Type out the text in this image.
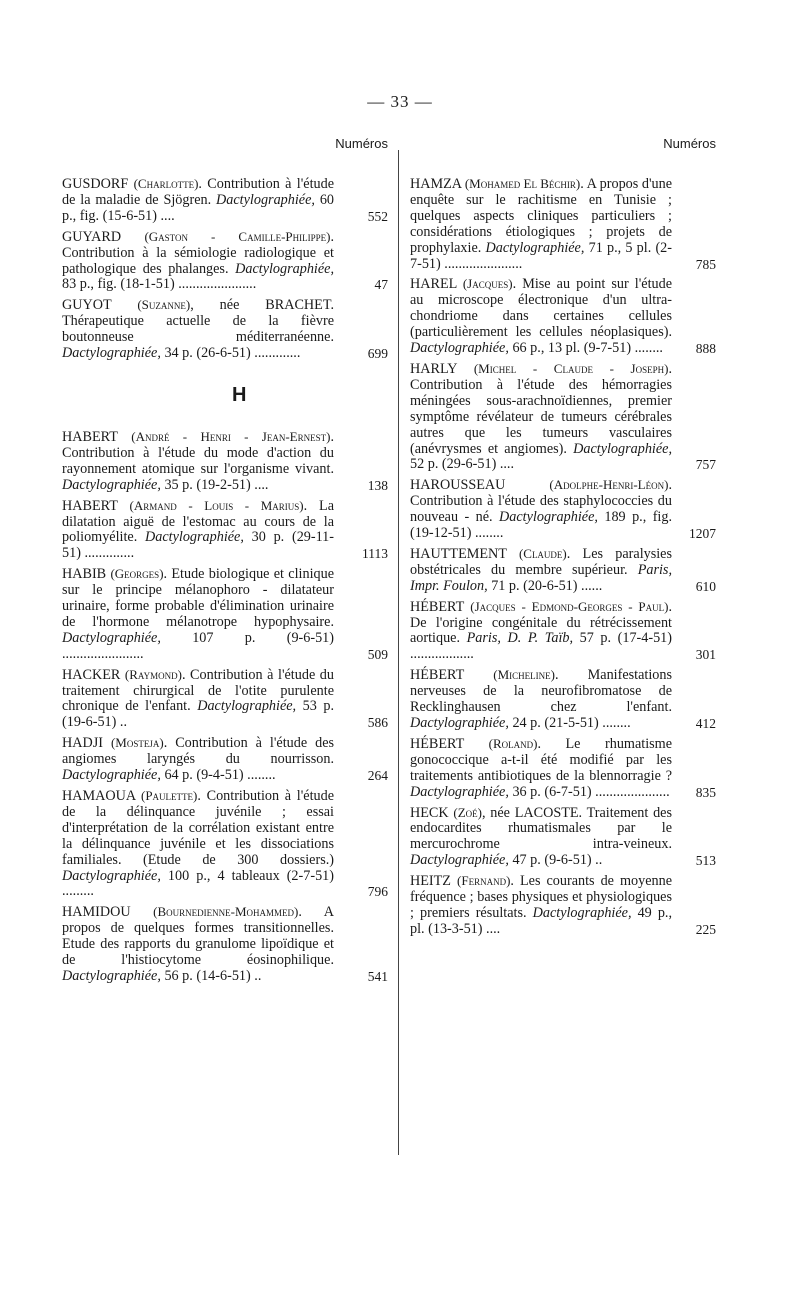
— 33 —
Numéros
GUSDORF (Charlotte). Contribution à l'étude de la maladie de Sjögren. Dactylographiée, 60 p., fig. (15-6-51) ....	552
GUYARD (Gaston - Camille-Philippe). Contribution à la sémiologie radiologique et pathologique des phalanges. Dactylographiée, 83 p., fig. (18-1-51) ......................	47
GUYOT (Suzanne), née BRACHET. Thérapeutique actuelle de la fièvre boutonneuse méditerranéenne. Dactylographiée, 34 p. (26-6-51) .............	699
H
HABERT (André - Henri - Jean-Ernest). Contribution à l'étude du mode d'action du rayonnement atomique sur l'organisme vivant. Dactylographiée, 35 p. (19-2-51) ....	138
HABERT (Armand - Louis - Marius). La dilatation aiguë de l'estomac au cours de la poliomyélite. Dactylographiée, 30 p. (29-11-51) ..............	1113
HABIB (Georges). Etude biologique et clinique sur le principe mélanophoro - dilatateur urinaire, forme probable d'élimination urinaire de l'hormone mélanotrope hypophysaire. Dactylographiée, 107 p. (9-6-51) .......................	509
HACKER (Raymond). Contribution à l'étude du traitement chirurgical de l'otite purulente chronique de l'enfant. Dactylographiée, 53 p. (19-6-51) ..	586
HADJI (Mosteja). Contribution à l'étude des angiomes laryngés du nourrisson. Dactylographiée, 64 p. (9-4-51) ........	264
HAMAOUA (Paulette). Contribution à l'étude de la délinquance juvénile ; essai d'interprétation de la corrélation existant entre la délinquance juvénile et les dissociations familiales. (Etude de 300 dossiers.) Dactylographiée, 100 p., 4 tableaux (2-7-51) .........	796
HAMIDOU (Bournedienne-Mohammed). A propos de quelques formes transitionnelles. Etude des rapports du granulome lipoïdique et de l'histiocytome éosinophilique. Dactylographiée, 56 p. (14-6-51) ..	541
Numéros
HAMZA (Mohamed El Béchir). A propos d'une enquête sur le rachitisme en Tunisie ; quelques aspects cliniques particuliers ; considérations étiologiques ; projets de prophylaxie. Dactylographiée, 71 p., 5 pl. (2-7-51) ......................	785
HAREL (Jacques). Mise au point sur l'étude au microscope électronique d'un ultra-chondriome dans certaines cellules (particulièrement les cellules néoplasiques). Dactylographiée, 66 p., 13 pl. (9-7-51) ........	888
HARLY (Michel - Claude - Joseph). Contribution à l'étude des hémorragies méningées sous-arachnoïdiennes, premier symptôme révélateur de tumeurs cérébrales autres que les tumeurs vasculaires (anévrysmes et angiomes). Dactylographiée, 52 p. (29-6-51) ....	757
HAROUSSEAU	(Adolphe-Henri-Léon). Contribution à l'étude des staphylococcies du nouveau - né. Dactylographiée, 189 p., fig. (19-12-51) ........	1207
HAUTTEMENT (Claude). Les paralysies obstétricales du membre supérieur. Paris, Impr. Foulon, 71 p. (20-6-51) ......	610
HÉBERT (Jacques - Edmond-Georges - Paul). De l'origine congénitale du rétrécissement aortique. Paris, D. P. Taïb, 57 p. (17-4-51) ..................	301
HÉBERT (Micheline). Manifestations nerveuses de la neurofibromatose de Recklinghausen chez l'enfant. Dactylographiée, 24 p. (21-5-51) ........	412
HÉBERT (Roland). Le rhumatisme gonococcique a-t-il été modifié par les traitements antibiotiques de la blennorragie ? Dactylographiée, 36 p. (6-7-51) ..................... 835
HECK (Zoé), née LACOSTE. Traitement des endocardites rhumatismales par le mercurochrome intra-veineux. Dactylographiée, 47 p. (9-6-51) ..	513
HEITZ (Fernand). Les courants de moyenne fréquence ; bases physiques et physiologiques ; premiers résultats. Dactylographiée, 49 p., pl. (13-3-51) ....	225
